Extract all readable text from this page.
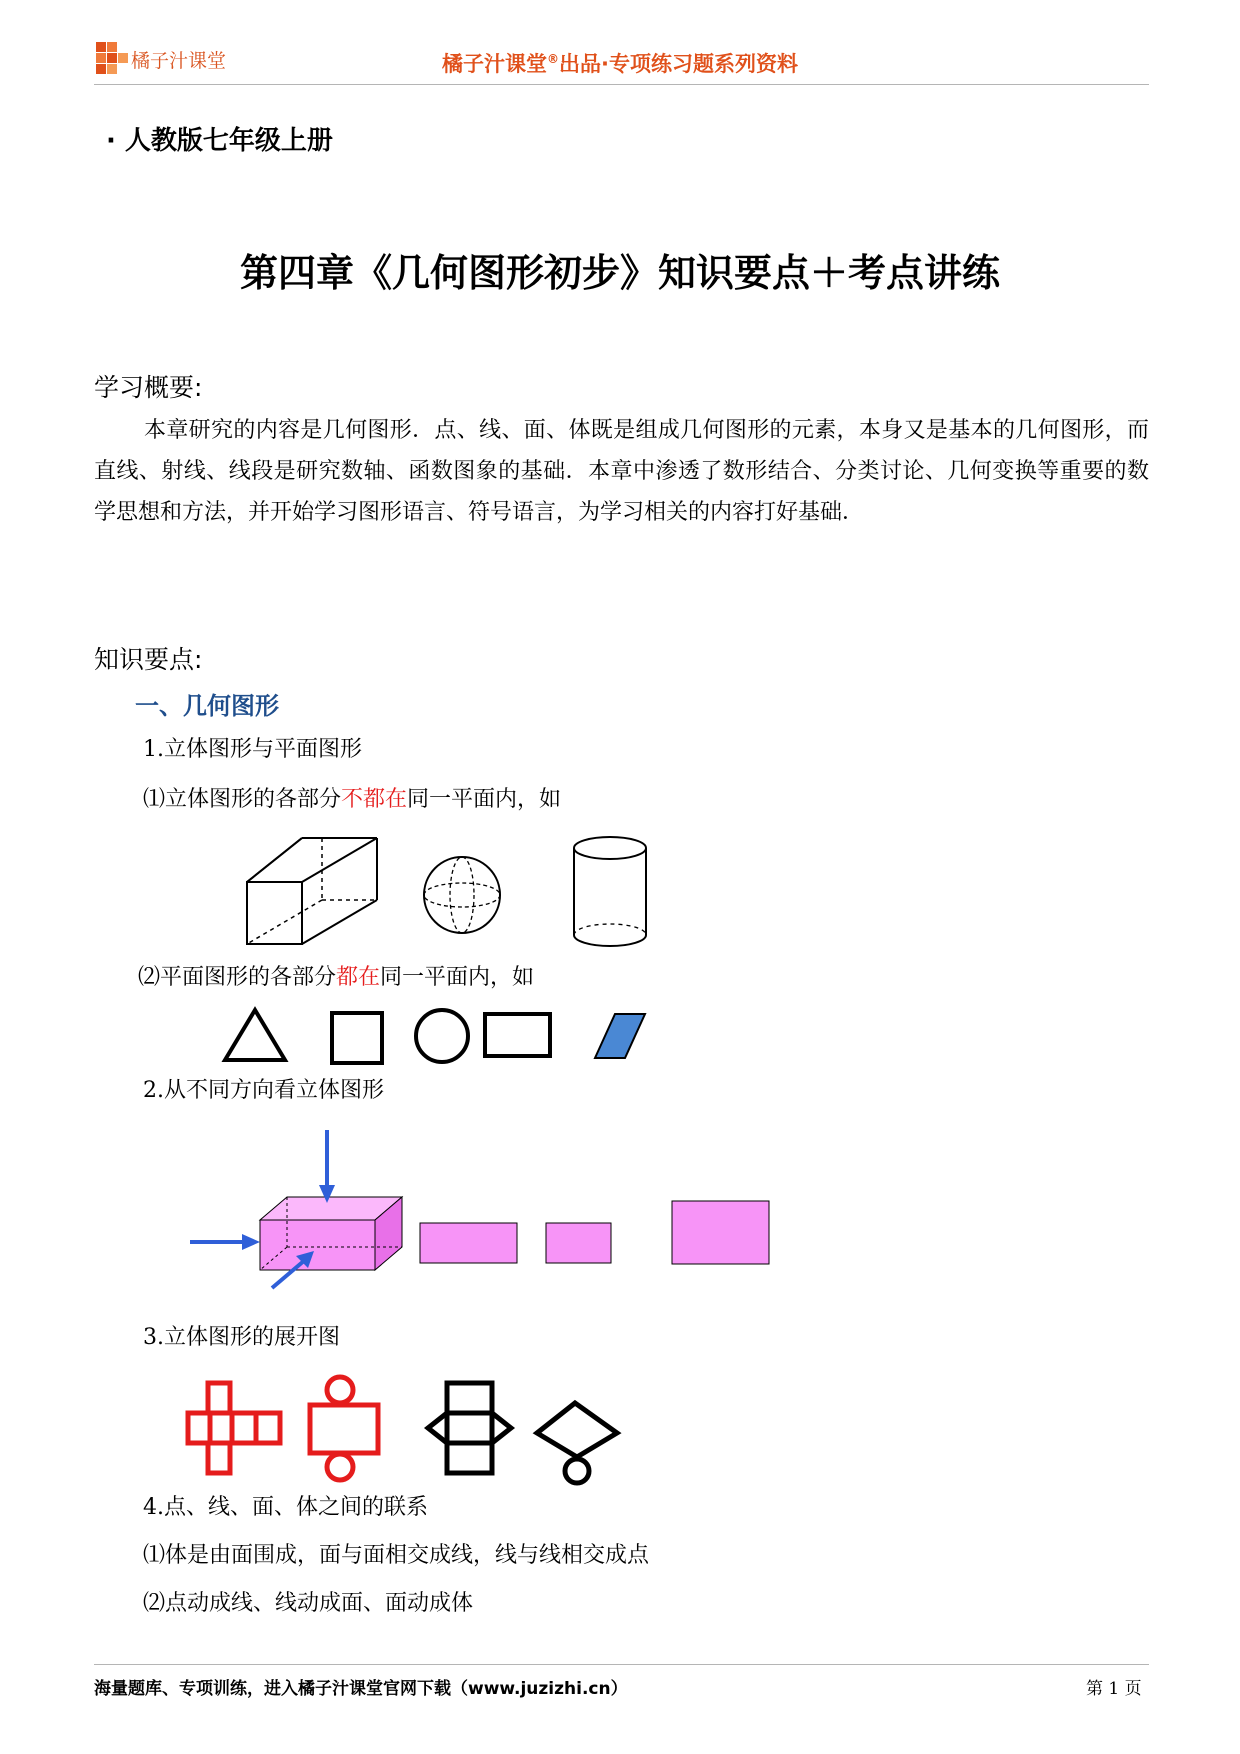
橘子汁课堂	橘子汁课堂®出品·专项练习题系列资料
· 人教版七年级上册
第四章《几何图形初步》知识要点＋考点讲练
学习概要:
本章研究的内容是几何图形．点、线、面、体既是组成几何图形的元素，本身又是基本的几何图形，而直线、射线、线段是研究数轴、函数图象的基础．本章中渗透了数形结合、分类讨论、几何变换等重要的数学思想和方法，并开始学习图形语言、符号语言，为学习相关的内容打好基础．
知识要点:
一、几何图形
1.立体图形与平面图形
⑴立体图形的各部分不都在同一平面内，如
⑵平面图形的各部分都在同一平面内，如
2.从不同方向看立体图形
3.立体图形的展开图
4.点、线、面、体之间的联系
⑴体是由面围成，面与面相交成线，线与线相交成点
⑵点动成线、线动成面、面动成体
海量题库、专项训练，进入橘子汁课堂官网下载（www.juzizhi.cn）	第 1 页
